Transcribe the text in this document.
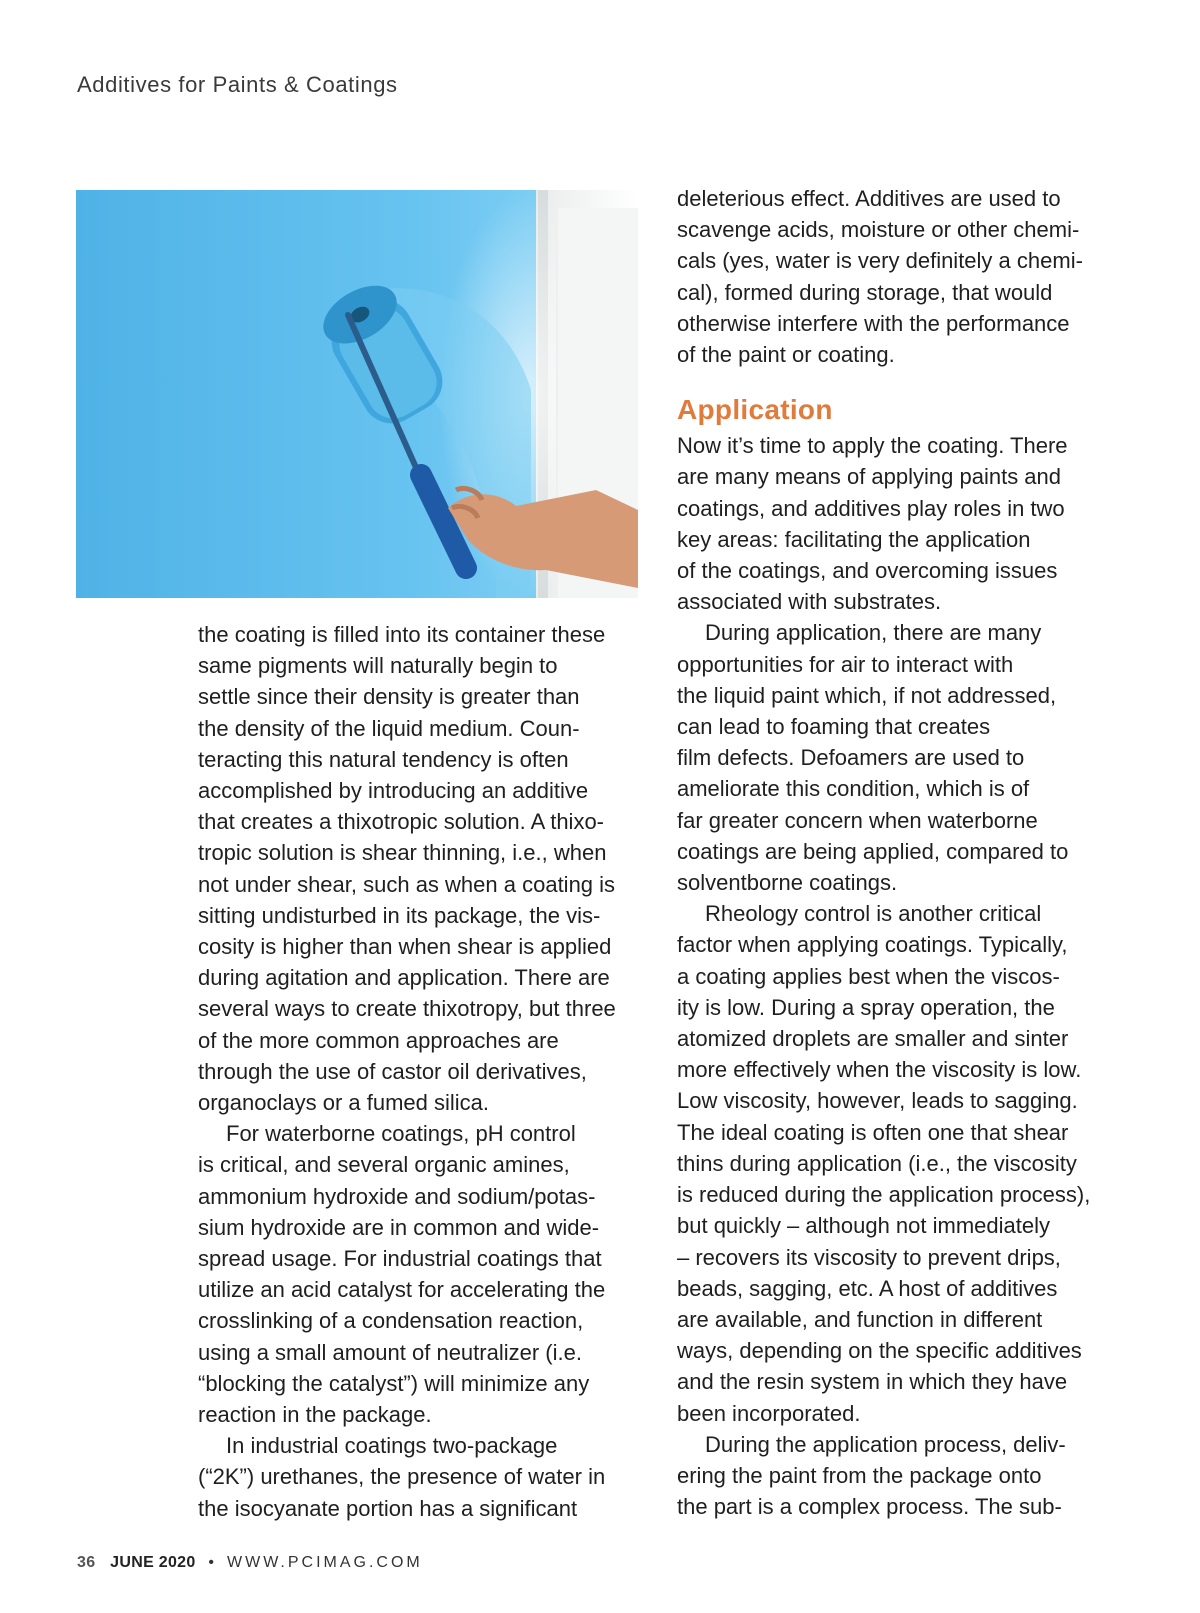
Additives for Paints & Coatings

the coating is filled into its container these

same pigments will naturally begin to

settle since their density is greater than

the density of the liquid medium. Coun-

teracting this natural tendency is often

accomplished by introducing an additive

that creates a thixotropic solution. A thixo-

tropic solution is shear thinning, i.e., when

not under shear, such as when a coating is

sitting undisturbed in its package, the vis-

cosity is higher than when shear is applied

during agitation and application. There are

several ways to create thixotropy, but three

of the more common approaches are

through the use of castor oil derivatives,

organoclays or a fumed silica.

For waterborne coatings, pH control

is critical, and several organic amines,

ammonium hydroxide and sodium/potas-

sium hydroxide are in common and wide-

spread usage. For industrial coatings that

utilize an acid catalyst for accelerating the

crosslinking of a condensation reaction,

using a small amount of neutralizer (i.e.

“blocking the catalyst”) will minimize any

reaction in the package.

In industrial coatings two-package

(“2K”) urethanes, the presence of water in

the isocyanate portion has a significant

deleterious effect. Additives are used to

scavenge acids, moisture or other chemi-

cals (yes, water is very definitely a chemi-

cal), formed during storage, that would

otherwise interfere with the performance

of the paint or coating.

Application

Now it’s time to apply the coating. There

are many means of applying paints and

coatings, and additives play roles in two

key areas: facilitating the application

of the coatings, and overcoming issues

associated with substrates.

During application, there are many

opportunities for air to interact with

the liquid paint which, if not addressed,

can lead to foaming that creates

film defects. Defoamers are used to

ameliorate this condition, which is of

far greater concern when waterborne

coatings are being applied, compared to

solventborne coatings.

Rheology control is another critical

factor when applying coatings. Typically,

a coating applies best when the viscos-

ity is low. During a spray operation, the

atomized droplets are smaller and sinter

more effectively when the viscosity is low.

Low viscosity, however, leads to sagging.

The ideal coating is often one that shear

thins during application (i.e., the viscosity

is reduced during the application process),

but quickly – although not immediately

– recovers its viscosity to prevent drips,

beads, sagging, etc. A host of additives

are available, and function in different

ways, depending on the specific additives

and the resin system in which they have

been incorporated.

During the application process, deliv-

ering the paint from the package onto

the part is a complex process. The sub-

36 JUNE 2020 • WWW.PCIMAG.COM
